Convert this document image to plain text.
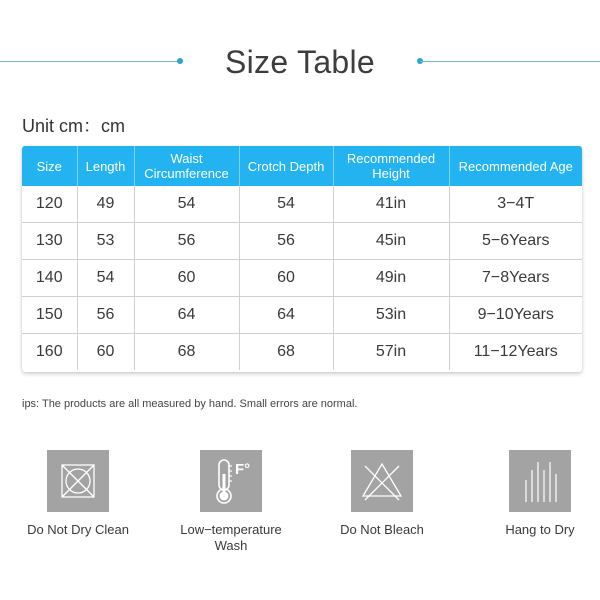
Size Table
Unit cm：cm
Size	Length	Waist Circumference	Crotch Depth	Recommended Height	Recommended Age
120	49	54	54	41in	3−4T
130	53	56	56	45in	5−6Years
140	54	60	60	49in	7−8Years
150	56	64	64	53in	9−10Years
160	60	68	68	57in	11−12Years
ips: The products are all measured by hand. Small errors are normal.
Do Not Dry Clean
F°
Low−temperature Wash
Do Not Bleach	Hang to Dry
